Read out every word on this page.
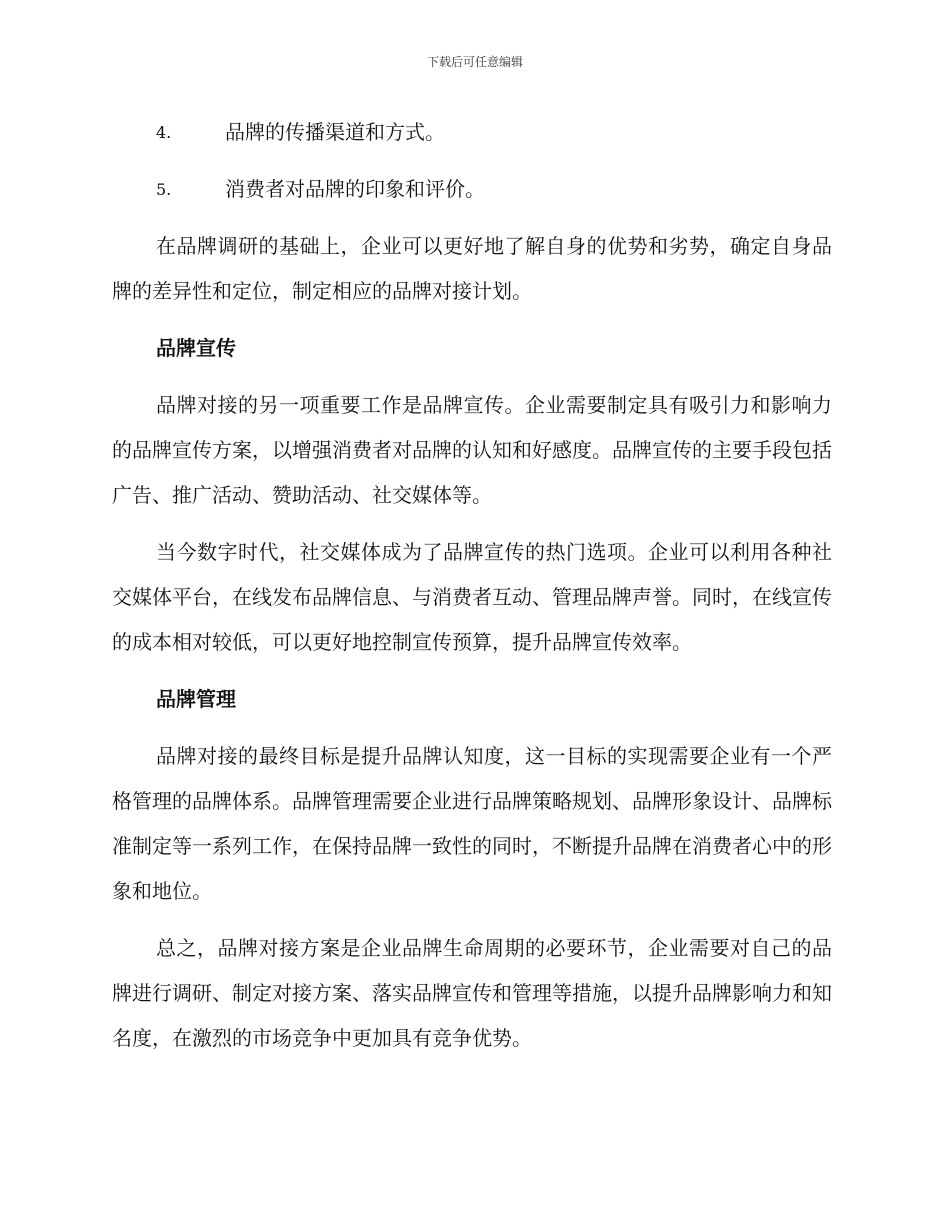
下载后可任意编辑
4.	品牌的传播渠道和方式。
5.	消费者对品牌的印象和评价。

在品牌调研的基础上，企业可以更好地了解自身的优势和劣势，确定自身品牌的差异性和定位，制定相应的品牌对接计划。

品牌宣传

品牌对接的另一项重要工作是品牌宣传。企业需要制定具有吸引力和影响力的品牌宣传方案，以增强消费者对品牌的认知和好感度。品牌宣传的主要手段包括广告、推广活动、赞助活动、社交媒体等。

当今数字时代，社交媒体成为了品牌宣传的热门选项。企业可以利用各种社交媒体平台，在线发布品牌信息、与消费者互动、管理品牌声誉。同时，在线宣传的成本相对较低，可以更好地控制宣传预算，提升品牌宣传效率。

品牌管理

品牌对接的最终目标是提升品牌认知度，这一目标的实现需要企业有一个严格管理的品牌体系。品牌管理需要企业进行品牌策略规划、品牌形象设计、品牌标准制定等一系列工作，在保持品牌一致性的同时，不断提升品牌在消费者心中的形象和地位。

总之，品牌对接方案是企业品牌生命周期的必要环节，企业需要对自己的品牌进行调研、制定对接方案、落实品牌宣传和管理等措施，以提升品牌影响力和知名度，在激烈的市场竞争中更加具有竞争优势。
